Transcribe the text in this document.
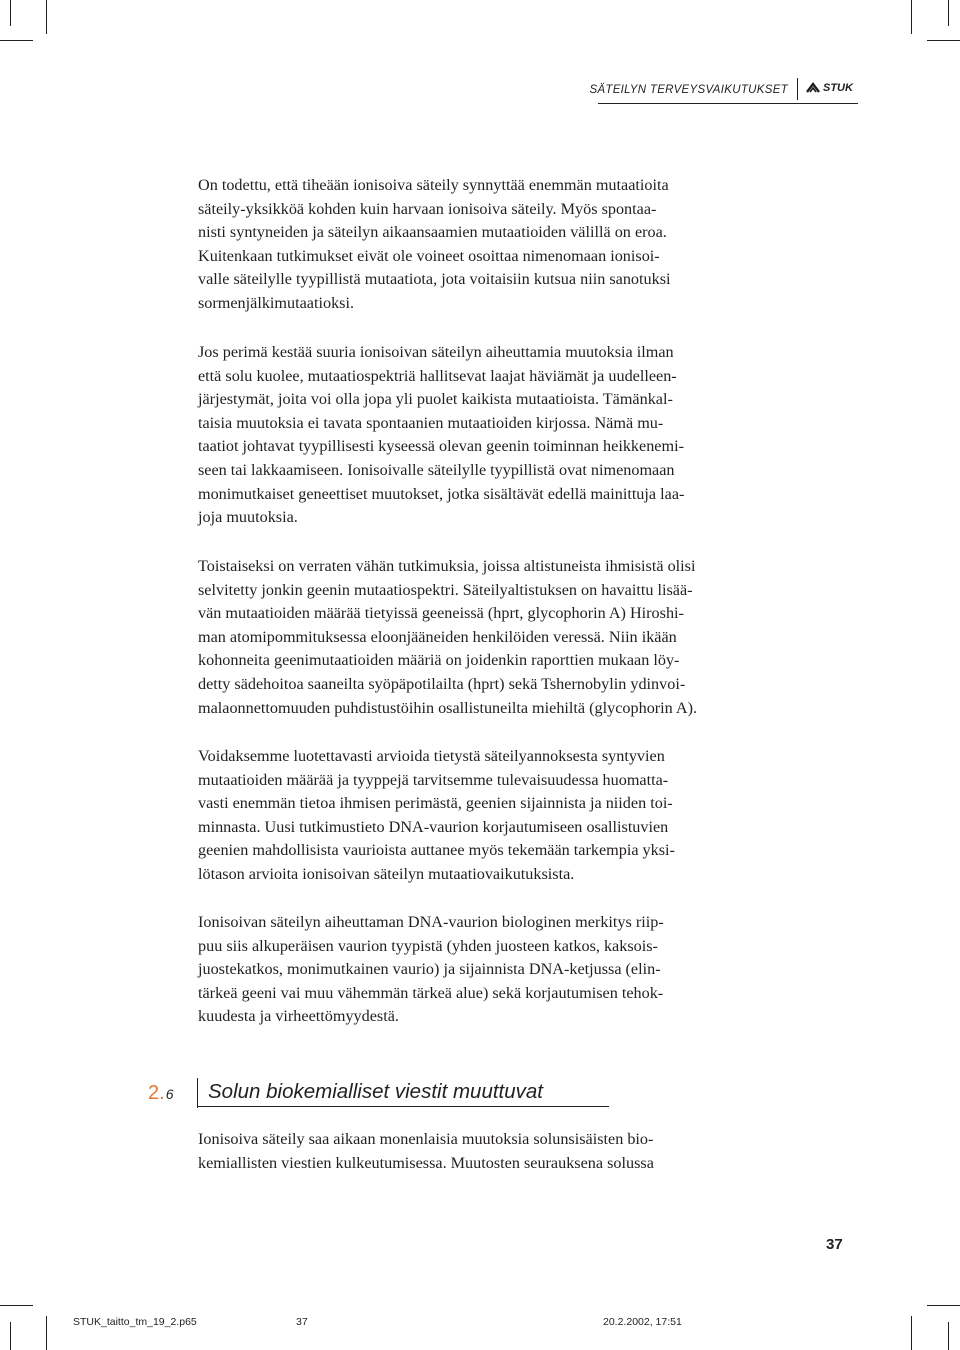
SÄTEILYN TERVEYSVAIKUTUKSET	STUK

On todettu, että tiheään ionisoiva säteily synnyttää enemmän mutaatioita
säteily-yksikköä kohden kuin harvaan ionisoiva säteily. Myös spontaa-
nisti syntyneiden ja säteilyn aikaansaamien mutaatioiden välillä on eroa.
Kuitenkaan tutkimukset eivät ole voineet osoittaa nimenomaan ionisoi-
valle säteilylle tyypillistä mutaatiota, jota voitaisiin kutsua niin sanotuksi
sormenjälkimutaatioksi.

Jos perimä kestää suuria ionisoivan säteilyn aiheuttamia muutoksia ilman
että solu kuolee, mutaatiospektriä hallitsevat laajat häviämät ja uudelleen-
järjestymät, joita voi olla jopa yli puolet kaikista mutaatioista. Tämänkal-
taisia muutoksia ei tavata spontaanien mutaatioiden kirjossa. Nämä mu-
taatiot johtavat tyypillisesti kyseessä olevan geenin toiminnan heikkenemi-
seen tai lakkaamiseen. Ionisoivalle säteilylle tyypillistä ovat nimenomaan
monimutkaiset geneettiset muutokset, jotka sisältävät edellä mainittuja laa-
joja muutoksia.

Toistaiseksi on verraten vähän tutkimuksia, joissa altistuneista ihmisistä olisi
selvitetty jonkin geenin mutaatiospektri. Säteilyaltistuksen on havaittu lisää-
vän mutaatioiden määrää tietyissä geeneissä (hprt, glycophorin A) Hiroshi-
man atomipommituksessa eloonjääneiden henkilöiden veressä. Niin ikään
kohonneita geenimutaatioiden määriä on joidenkin raporttien mukaan löy-
detty sädehoitoa saaneilta syöpäpotilailta (hprt) sekä Tshernobylin ydinvoi-
malaonnettomuuden puhdistustöihin osallistuneilta miehiltä (glycophorin A).

Voidaksemme luotettavasti arvioida tietystä säteilyannoksesta syntyvien
mutaatioiden määrää ja tyyppejä tarvitsemme tulevaisuudessa huomatta-
vasti enemmän tietoa ihmisen perimästä, geenien sijainnista ja niiden toi-
minnasta. Uusi tutkimustieto DNA-vaurion korjautumiseen osallistuvien
geenien mahdollisista vaurioista auttanee myös tekemään tarkempia yksi-
lötason arvioita ionisoivan säteilyn mutaatiovaikutuksista.

Ionisoivan säteilyn aiheuttaman DNA-vaurion biologinen merkitys riip-
puu siis alkuperäisen vaurion tyypistä (yhden juosteen katkos, kaksois-
juostekatkos, monimutkainen vaurio) ja sijainnista DNA-ketjussa (elin-
tärkeä geeni vai muu vähemmän tärkeä alue) sekä korjautumisen tehok-
kuudesta ja virheettömyydestä.

2.6 Solun biokemialliset viestit muuttuvat

Ionisoiva säteily saa aikaan monenlaisia muutoksia solunsisäisten bio-
kemiallisten viestien kulkeutumisessa. Muutosten seurauksena solussa

37
STUK_taitto_tm_19_2.p65	37	20.2.2002, 17:51
